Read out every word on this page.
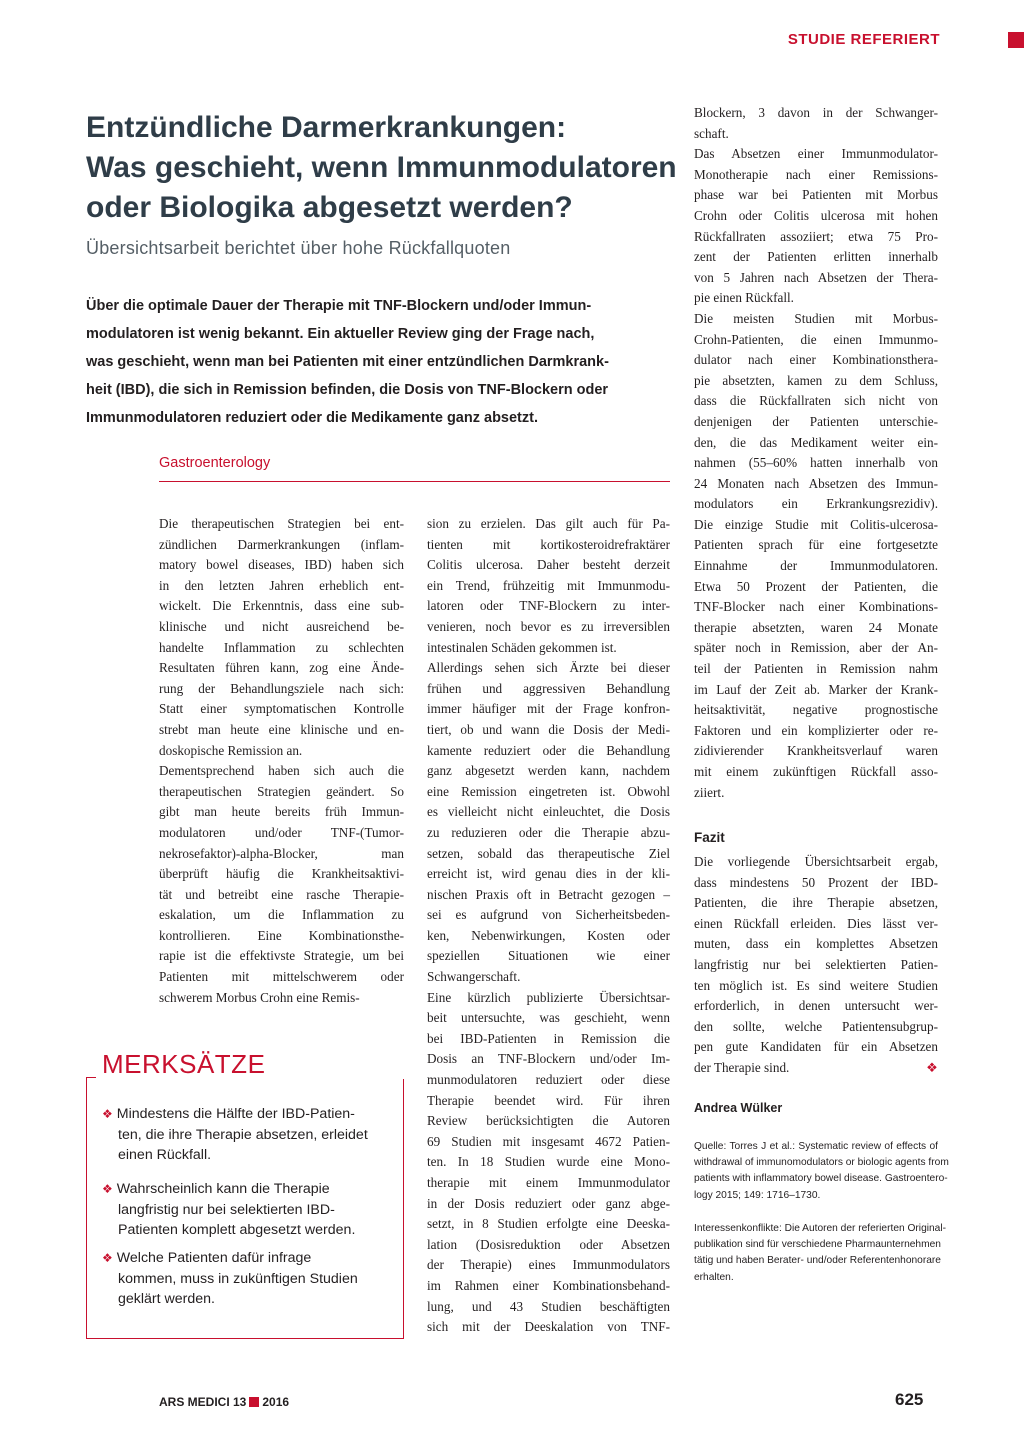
STUDIE REFERIERT
Entzündliche Darmerkrankungen:
Was geschieht, wenn Immunmodulatoren
oder Biologika abgesetzt werden?
Übersichtsarbeit berichtet über hohe Rückfallquoten

Über die optimale Dauer der Therapie mit TNF-Blockern und/oder Immun-
modulatoren ist wenig bekannt. Ein aktueller Review ging der Frage nach,
was geschieht, wenn man bei Patienten mit einer entzündlichen Darmkrank-
heit (IBD), die sich in Remission befinden, die Dosis von TNF-Blockern oder
Immunmodulatoren reduziert oder die Medikamente ganz absetzt.

Gastroenterology
Die therapeutischen Strategien bei ent-
zündlichen Darmerkrankungen (inflam-
matory bowel diseases, IBD) haben sich
in den letzten Jahren erheblich ent-
wickelt. Die Erkenntnis, dass eine sub-
klinische und nicht ausreichend be-
handelte Inflammation zu schlechten
Resultaten führen kann, zog eine Ände-
rung der Behandlungsziele nach sich:
Statt einer symptomatischen Kontrolle
strebt man heute eine klinische und en-
doskopische Remission an.
Dementsprechend haben sich auch die
therapeutischen Strategien geändert. So
gibt man heute bereits früh Immun-
modulatoren und/oder TNF-(Tumor-
nekrosefaktor)-alpha-Blocker, man
überprüft häufig die Krankheitsaktivi-
tät und betreibt eine rasche Therapie-
eskalation, um die Inflammation zu
kontrollieren. Eine Kombinationsthe-
rapie ist die effektivste Strategie, um bei
Patienten mit mittelschwerem oder
schwerem Morbus Crohn eine Remis-
sion zu erzielen. Das gilt auch für Pa-
tienten mit kortikosteroidrefraktärer
Colitis ulcerosa. Daher besteht derzeit
ein Trend, frühzeitig mit Immunmodu-
latoren oder TNF-Blockern zu inter-
venieren, noch bevor es zu irreversiblen
intestinalen Schäden gekommen ist.
Allerdings sehen sich Ärzte bei dieser
frühen und aggressiven Behandlung
immer häufiger mit der Frage konfron-
tiert, ob und wann die Dosis der Medi-
kamente reduziert oder die Behandlung
ganz abgesetzt werden kann, nachdem
eine Remission eingetreten ist. Obwohl
es vielleicht nicht einleuchtet, die Dosis
zu reduzieren oder die Therapie abzu-
setzen, sobald das therapeutische Ziel
erreicht ist, wird genau dies in der kli-
nischen Praxis oft in Betracht gezogen –
sei es aufgrund von Sicherheitsbeden-
ken, Nebenwirkungen, Kosten oder
speziellen Situationen wie einer
Schwangerschaft.
Eine kürzlich publizierte Übersichtsar-
beit untersuchte, was geschieht, wenn
bei IBD-Patienten in Remission die
Dosis an TNF-Blockern und/oder Im-
munmodulatoren reduziert oder diese
Therapie beendet wird. Für ihren
Review berücksichtigten die Autoren
69 Studien mit insgesamt 4672 Patien-
ten. In 18 Studien wurde eine Mono-
therapie mit einem Immunmodulator
in der Dosis reduziert oder ganz abge-
setzt, in 8 Studien erfolgte eine Deeska-
lation (Dosisreduktion oder Absetzen
der Therapie) eines Immunmodulators
im Rahmen einer Kombinationsbehand-
lung, und 43 Studien beschäftigten
sich mit der Deeskalation von TNF-
Blockern, 3 davon in der Schwanger-
schaft.
Das Absetzen einer Immunmodulator-
Monotherapie nach einer Remissions-
phase war bei Patienten mit Morbus
Crohn oder Colitis ulcerosa mit hohen
Rückfallraten assoziiert; etwa 75 Pro-
zent der Patienten erlitten innerhalb
von 5 Jahren nach Absetzen der Thera-
pie einen Rückfall.
Die meisten Studien mit Morbus-
Crohn-Patienten, die einen Immunmo-
dulator nach einer Kombinationsthera-
pie absetzten, kamen zu dem Schluss,
dass die Rückfallraten sich nicht von
denjenigen der Patienten unterschie-
den, die das Medikament weiter ein-
nahmen (55–60% hatten innerhalb von
24 Monaten nach Absetzen des Immun-
modulators ein Erkrankungsrezidiv).
Die einzige Studie mit Colitis-ulcerosa-
Patienten sprach für eine fortgesetzte
Einnahme der Immunmodulatoren.
Etwa 50 Prozent der Patienten, die
TNF-Blocker nach einer Kombinations-
therapie absetzten, waren 24 Monate
später noch in Remission, aber der An-
teil der Patienten in Remission nahm
im Lauf der Zeit ab. Marker der Krank-
heitsaktivität, negative prognostische
Faktoren und ein komplizierter oder re-
zidivierender Krankheitsverlauf waren
mit einem zukünftigen Rückfall asso-
ziiert.
MERKSÄTZE
❖ Mindestens die Hälfte der IBD-Patien-
ten, die ihre Therapie absetzen, erleidet
einen Rückfall.
❖ Wahrscheinlich kann die Therapie
langfristig nur bei selektierten IBD-
Patienten komplett abgesetzt werden.
❖ Welche Patienten dafür infrage
kommen, muss in zukünftigen Studien
geklärt werden.
Fazit
Die vorliegende Übersichtsarbeit ergab,
dass mindestens 50 Prozent der IBD-
Patienten, die ihre Therapie absetzen,
einen Rückfall erleiden. Dies lässt ver-
muten, dass ein komplettes Absetzen
langfristig nur bei selektierten Patien-
ten möglich ist. Es sind weitere Studien
erforderlich, in denen untersucht wer-
den sollte, welche Patientensubgrup-
pen gute Kandidaten für ein Absetzen
der Therapie sind.	❖
Andrea Wülker
Quelle: Torres J et al.: Systematic review of effects of
withdrawal of immunomodulators or biologic agents from
patients with inflammatory bowel disease. Gastroentero-
logy 2015; 149: 1716–1730.
Interessenkonflikte: Die Autoren der referierten Original-
publikation sind für verschiedene Pharmaunternehmen
tätig und haben Berater- und/oder Referentenhonorare
erhalten.
ARS MEDICI 13 2016	625
